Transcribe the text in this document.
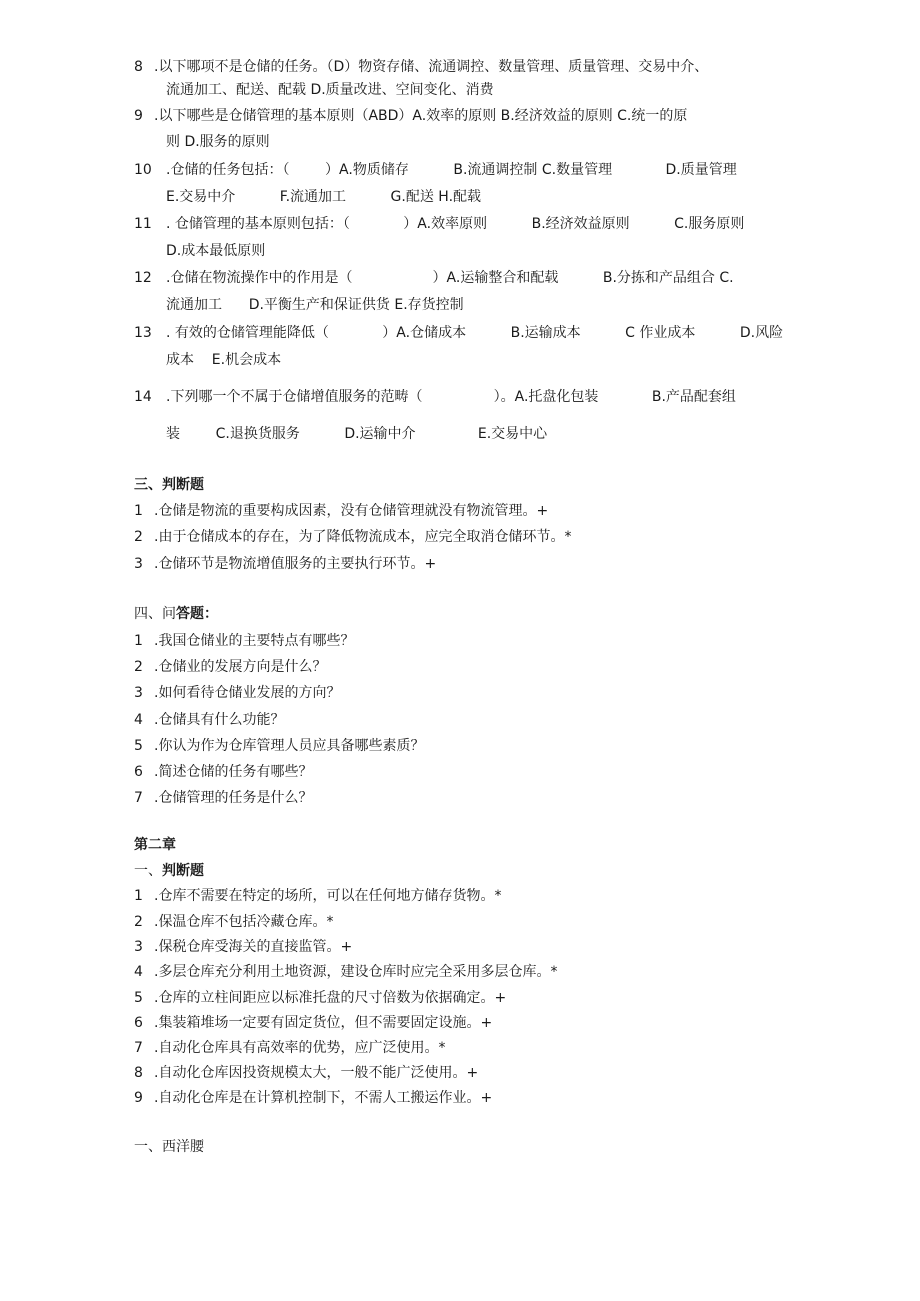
8 .以下哪项不是仓储的任务。（D）物资存储、流通调控、数量管理、质量管理、交易中介、
流通加工、配送、配载 D.质量改进、空间变化、消费
9 .以下哪些是仓储管理的基本原则（ABD）A.效率的原则 B.经济效益的原则 C.统一的原
则 D.服务的原则
10 .仓储的任务包括：（        ）A.物质储存          B.流通调控制 C.数量管理            D.质量管理
E.交易中介          F.流通加工          G.配送 H.配载
11 . 仓储管理的基本原则包括：（            ）A.效率原则          B.经济效益原则          C.服务原则
D.成本最低原则
12 .仓储在物流操作中的作用是（                  ）A.运输整合和配载          B.分拣和产品组合 C.
流通加工      D.平衡生产和保证供货 E.存货控制
13 . 有效的仓储管理能降低（            ）A.仓储成本          B.运输成本          C 作业成本          D.风险
成本    E.机会成本
14 .下列哪一个不属于仓储增值服务的范畴（                ）。A.托盘化包装            B.产品配套组
装        C.退换货服务          D.运输中介              E.交易中心
三、判断题
1 .仓储是物流的重要构成因素，没有仓储管理就没有物流管理。+
2 .由于仓储成本的存在，为了降低物流成本，应完全取消仓储环节。*
3 .仓储环节是物流增值服务的主要执行环节。+
四、问答题：
1 .我国仓储业的主要特点有哪些？
2 .仓储业的发展方向是什么？
3 .如何看待仓储业发展的方向？
4 .仓储具有什么功能？
5 .你认为作为仓库管理人员应具备哪些素质？
6 .简述仓储的任务有哪些？
7 .仓储管理的任务是什么？
第二章
一、判断题
1 .仓库不需要在特定的场所，可以在任何地方储存货物。*
2 .保温仓库不包括冷藏仓库。*
3 .保税仓库受海关的直接监管。+
4 .多层仓库充分利用土地资源，建设仓库时应完全采用多层仓库。*
5 .仓库的立柱间距应以标准托盘的尺寸倍数为依据确定。+
6 .集装箱堆场一定要有固定货位，但不需要固定设施。+
7 .自动化仓库具有高效率的优势，应广泛使用。*
8 .自动化仓库因投资规模太大，一般不能广泛使用。+
9 .自动化仓库是在计算机控制下，不需人工搬运作业。+
一、西洋腰
